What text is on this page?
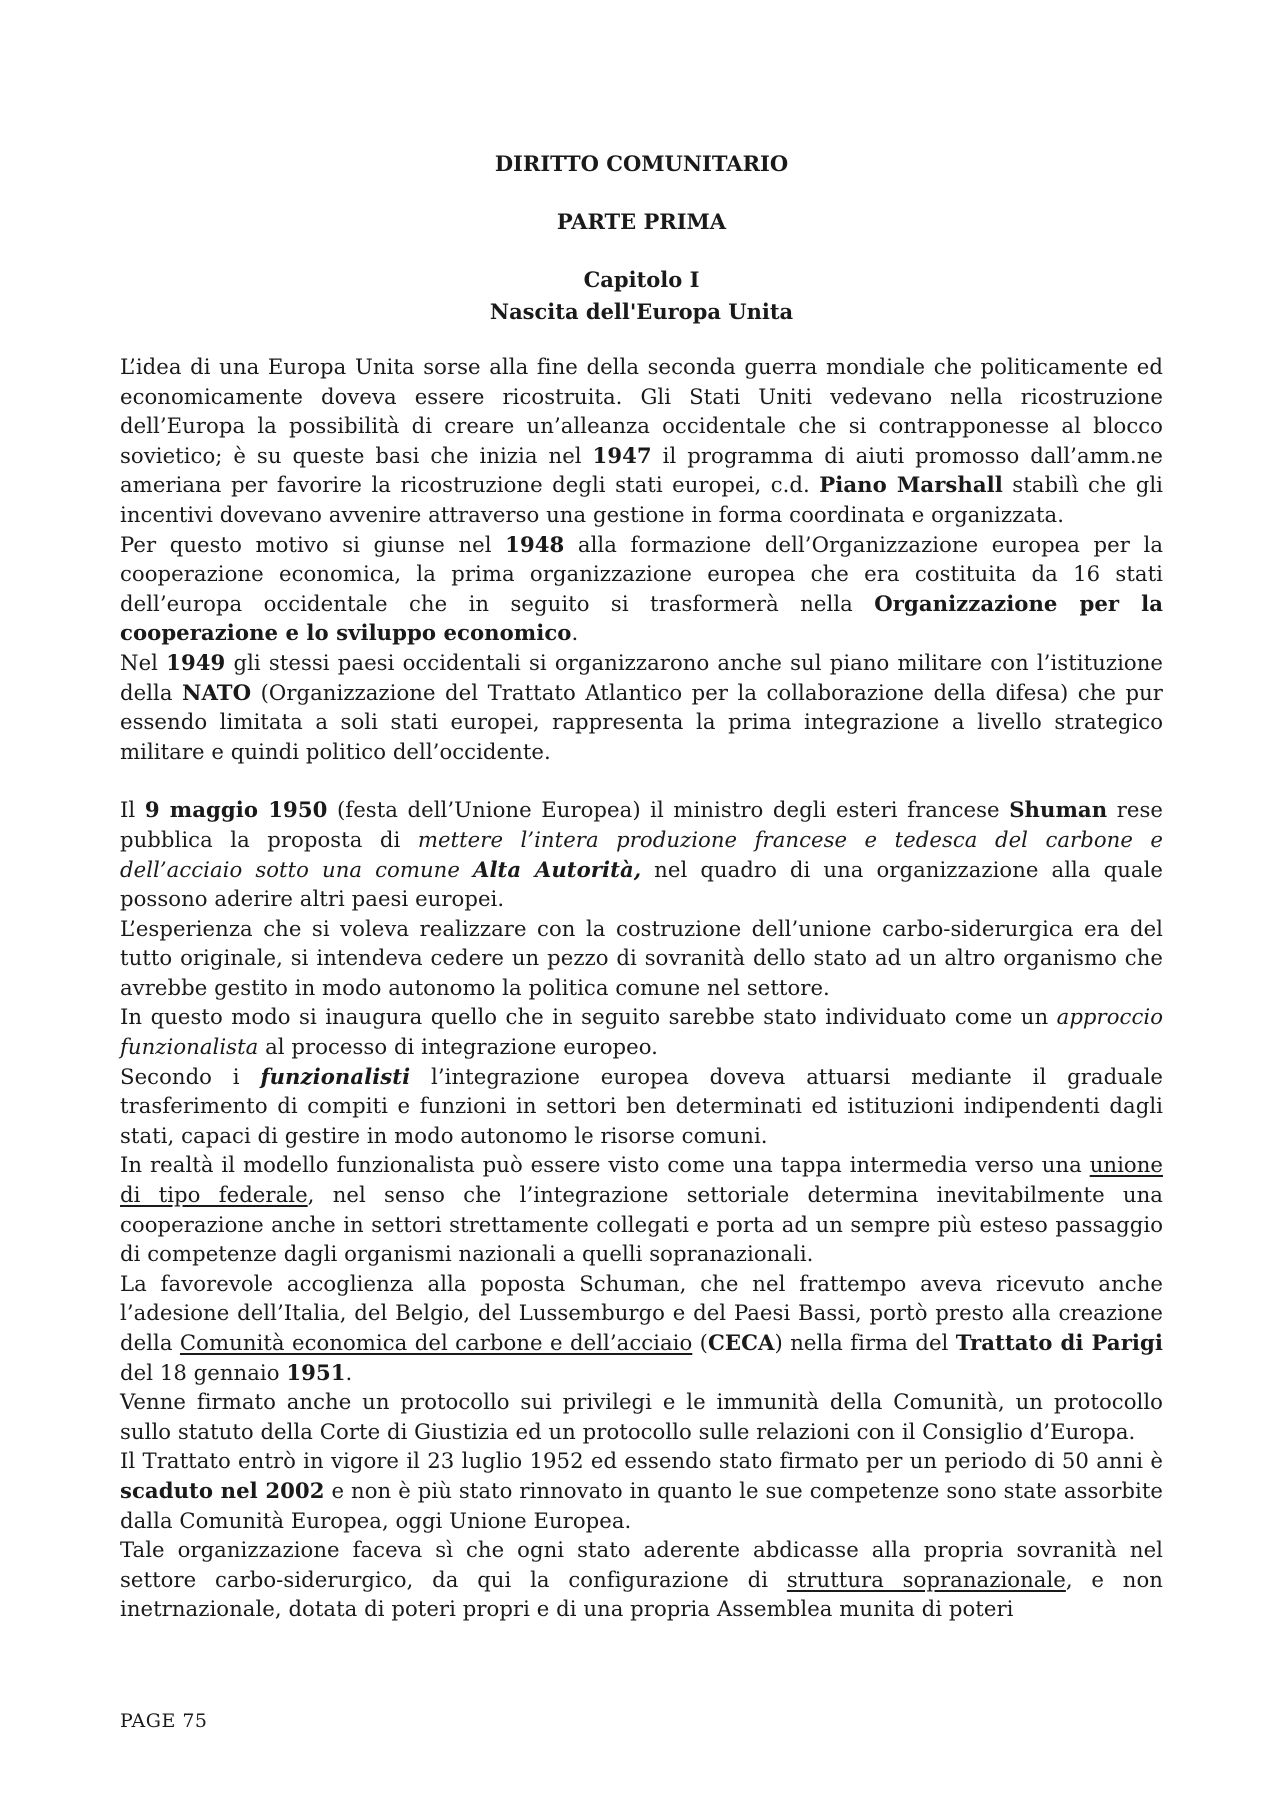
DIRITTO COMUNITARIO

PARTE PRIMA

Capitolo I

Nascita dell'Europa Unita

L’idea di una Europa Unita sorse alla fine della seconda guerra mondiale che politicamente ed economicamente doveva essere ricostruita. Gli Stati Uniti vedevano nella ricostruzione dell’Europa la possibilità di creare un’alleanza occidentale che si contrapponesse al blocco sovietico; è su queste basi che inizia nel 1947 il programma di aiuti promosso dall’amm.ne ameriana per favorire la ricostruzione degli stati europei, c.d. Piano Marshall stabilì che gli incentivi dovevano avvenire attraverso una gestione in forma coordinata e organizzata.

Per questo motivo si giunse nel 1948 alla formazione dell’Organizzazione europea per la cooperazione economica, la prima organizzazione europea che era costituita da 16 stati dell’europa occidentale che in seguito si trasformerà nella Organizzazione per la cooperazione e lo sviluppo economico.

Nel 1949 gli stessi paesi occidentali si organizzarono anche sul piano militare con l’istituzione della NATO (Organizzazione del Trattato Atlantico per la collaborazione della difesa) che pur essendo limitata a soli stati europei, rappresenta la prima integrazione a livello strategico militare e quindi politico dell’occidente.

Il 9 maggio 1950 (festa dell’Unione Europea) il ministro degli esteri francese Shuman rese pubblica la proposta di mettere l’intera produzione francese e tedesca del carbone e dell’acciaio sotto una comune Alta Autorità, nel quadro di una organizzazione alla quale possono aderire altri paesi europei.

L’esperienza che si voleva realizzare con la costruzione dell’unione carbo-siderurgica era del tutto originale, si intendeva cedere un pezzo di sovranità dello stato ad un altro organismo che avrebbe gestito in modo autonomo la politica comune nel settore.

In questo modo si inaugura quello che in seguito sarebbe stato individuato come un approccio funzionalista al processo di integrazione europeo.

Secondo i funzionalisti l’integrazione europea doveva attuarsi mediante il graduale trasferimento di compiti e funzioni in settori ben determinati ed istituzioni indipendenti dagli stati, capaci di gestire in modo autonomo le risorse comuni.

In realtà il modello funzionalista può essere visto come una tappa intermedia verso una unione di tipo federale, nel senso che l’integrazione settoriale determina inevitabilmente una cooperazione anche in settori strettamente collegati e porta ad un sempre più esteso passaggio di competenze dagli organismi nazionali a quelli sopranazionali.

La favorevole accoglienza alla poposta Schuman, che nel frattempo aveva ricevuto anche l’adesione dell’Italia, del Belgio, del Lussemburgo e del Paesi Bassi, portò presto alla creazione della Comunità economica del carbone e dell’acciaio (CECA) nella firma del Trattato di Parigi del 18 gennaio 1951.

Venne firmato anche un protocollo sui privilegi e le immunità della Comunità, un protocollo sullo statuto della Corte di Giustizia ed un protocollo sulle relazioni con il Consiglio d’Europa.

Il Trattato entrò in vigore il 23 luglio 1952 ed essendo stato firmato per un periodo di 50 anni è scaduto nel 2002 e non è più stato rinnovato in quanto le sue competenze sono state assorbite dalla Comunità Europea, oggi Unione Europea.

Tale organizzazione faceva sì che ogni stato aderente abdicasse alla propria sovranità nel settore carbo-siderurgico, da qui la configurazione di struttura sopranazionale, e non inetrnazionale, dotata di poteri propri e di una propria Assemblea munita di poteri

PAGE 75
